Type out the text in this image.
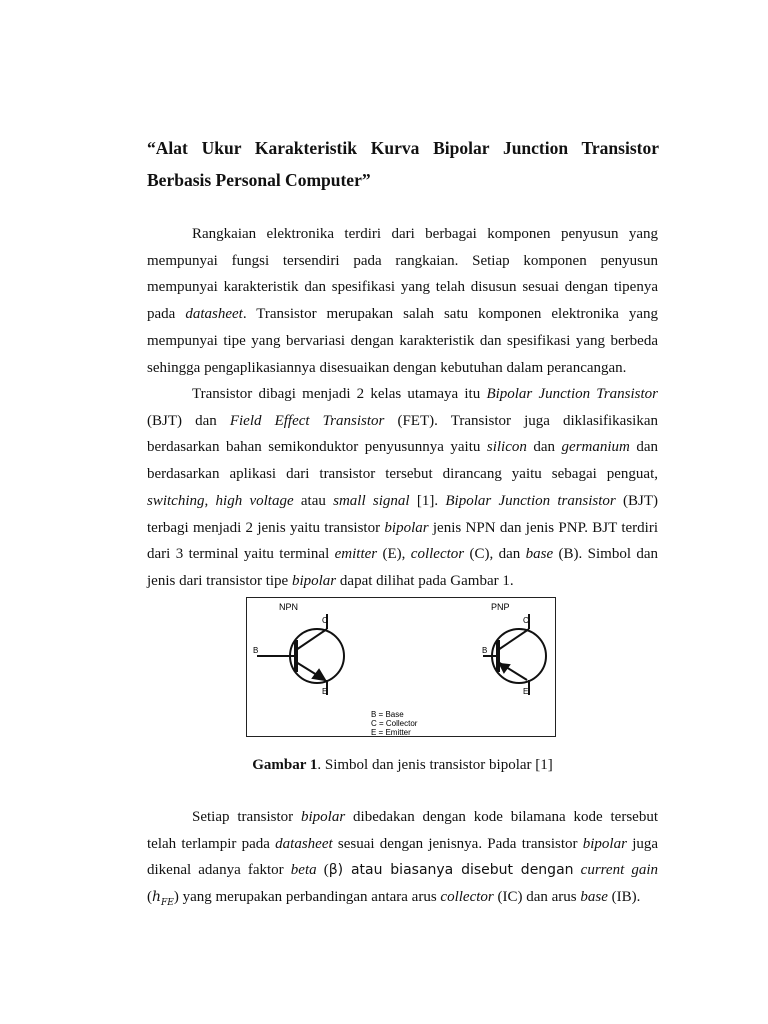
“Alat Ukur Karakteristik Kurva Bipolar Junction Transistor
Berbasis Personal Computer”

Rangkaian elektronika terdiri dari berbagai komponen penyusun yang mempunyai fungsi tersendiri pada rangkaian. Setiap komponen penyusun mempunyai karakteristik dan spesifikasi yang telah disusun sesuai dengan tipenya pada datasheet. Transistor merupakan salah satu komponen elektronika yang mempunyai tipe yang bervariasi dengan karakteristik dan spesifikasi yang berbeda sehingga pengaplikasiannya disesuaikan dengan kebutuhan dalam perancangan.

Transistor dibagi menjadi 2 kelas utamaya itu Bipolar Junction Transistor (BJT) dan Field Effect Transistor (FET). Transistor juga diklasifikasikan berdasarkan bahan semikonduktor penyusunnya yaitu silicon dan germanium dan berdasarkan aplikasi dari transistor tersebut dirancang yaitu sebagai penguat, switching, high voltage atau small signal [1]. Bipolar Junction transistor (BJT) terbagi menjadi 2 jenis yaitu transistor bipolar jenis NPN dan jenis PNP. BJT terdiri dari 3 terminal yaitu terminal emitter (E), collector (C), dan base (B). Simbol dan jenis dari transistor tipe bipolar dapat dilihat pada Gambar 1.

NPN
C
B
E
PNP
C
B
E
B = Base
C = Collector
E = Emitter

Gambar 1. Simbol dan jenis transistor bipolar [1]

Setiap transistor bipolar dibedakan dengan kode bilamana kode tersebut telah terlampir pada datasheet sesuai dengan jenisnya. Pada transistor bipolar juga dikenal adanya faktor beta (β) atau biasanya disebut dengan current gain $(h_{FE})$ yang merupakan perbandingan antara arus collector (IC) dan arus base (IB).
